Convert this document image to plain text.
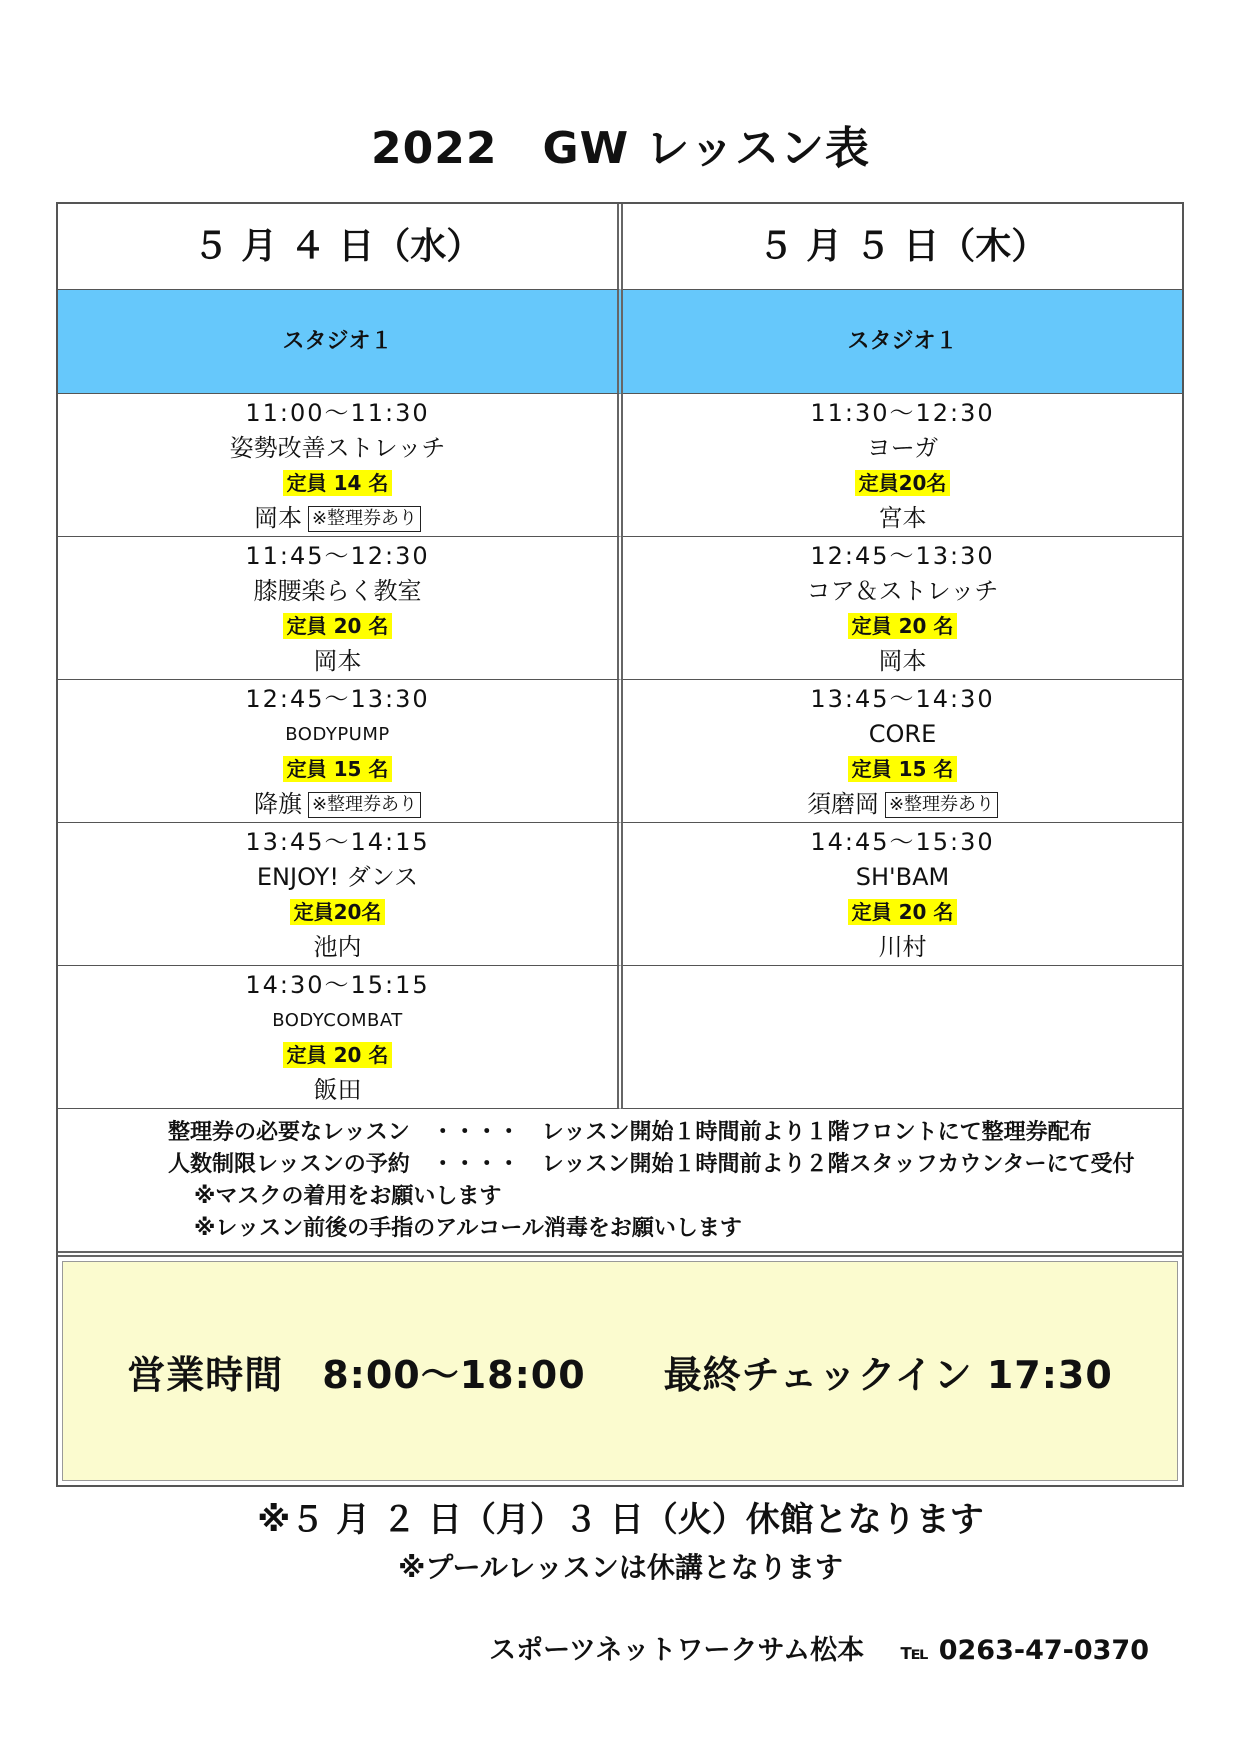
2022　GW レッスン表
５ 月 ４ 日（水）	５ 月 ５ 日（木）
スタジオ１	スタジオ１
11:00～11:30
姿勢改善ストレッチ
定員 14 名
岡本 ※整理券あり
11:30～12:30
ヨーガ
定員20名
宮本
11:45～12:30
膝腰楽らく教室
定員 20 名
岡本
12:45～13:30
コア＆ストレッチ
定員 20 名
岡本
12:45～13:30
BODYPUMP
定員 15 名
降旗 ※整理券あり
13:45～14:30
CORE
定員 15 名
須磨岡 ※整理券あり
13:45～14:15
ENJOY! ダンス
定員20名
池内
14:45～15:30
SH'BAM
定員 20 名
川村
14:30～15:15
BODYCOMBAT
定員 20 名
飯田
整理券の必要なレッスン　・・・・　レッスン開始１時間前より１階フロントにて整理券配布
人数制限レッスンの予約　・・・・　レッスン開始１時間前より２階スタッフカウンターにて受付
※マスクの着用をお願いします
※レッスン前後の手指のアルコール消毒をお願いします
営業時間　8:00～18:00　　最終チェックイン 17:30
※５ 月 ２ 日（月）３ 日（火）休館となります
※プールレッスンは休講となります
スポーツネットワークサム松本　 ℡ 0263-47-0370
